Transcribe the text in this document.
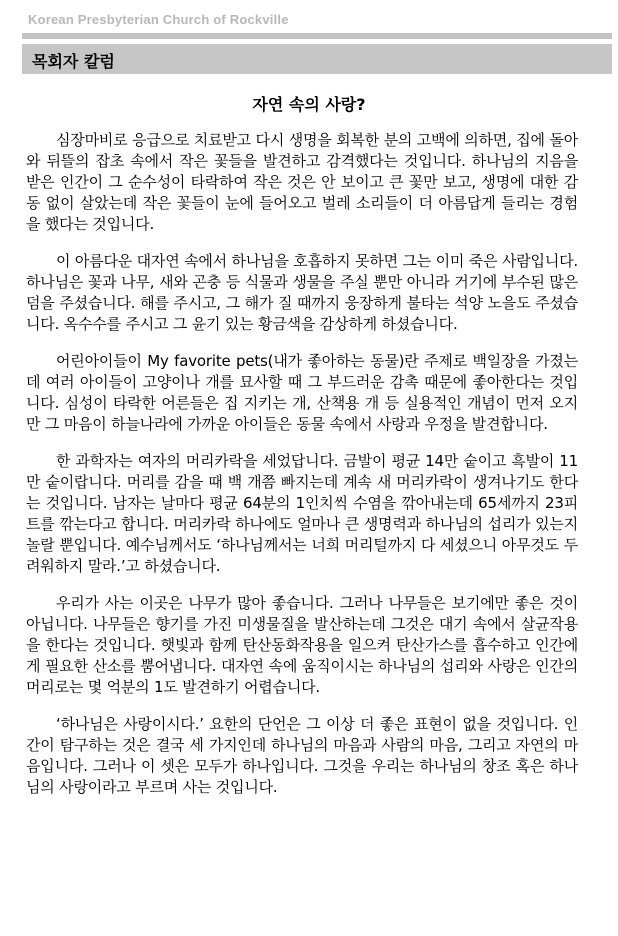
Korean Presbyterian Church of Rockville
목회자 칼럼
자연 속의 사랑?

심장마비로 응급으로 치료받고 다시 생명을 회복한 분의 고백에 의하면, 집에 돌아와 뒤뜰의 잡초 속에서 작은 꽃들을 발견하고 감격했다는 것입니다. 하나님의 지음을 받은 인간이 그 순수성이 타락하여 작은 것은 안 보이고 큰 꽃만 보고, 생명에 대한 감동 없이 살았는데 작은 꽃들이 눈에 들어오고 벌레 소리들이 더 아름답게 들리는 경험을 했다는 것입니다.

이 아름다운 대자연 속에서 하나님을 호흡하지 못하면 그는 이미 죽은 사람입니다. 하나님은 꽃과 나무, 새와 곤충 등 식물과 생물을 주실 뿐만 아니라 거기에 부수된 많은 덤을 주셨습니다. 해를 주시고, 그 해가 질 때까지 웅장하게 불타는 석양 노을도 주셨습니다. 옥수수를 주시고 그 윤기 있는 황금색을 감상하게 하셨습니다.

어린아이들이 My favorite pets(내가 좋아하는 동물)란 주제로 백일장을 가졌는데 여러 아이들이 고양이나 개를 묘사할 때 그 부드러운 감촉 때문에 좋아한다는 것입니다. 심성이 타락한 어른들은 집 지키는 개, 산책용 개 등 실용적인 개념이 먼저 오지만 그 마음이 하늘나라에 가까운 아이들은 동물 속에서 사랑과 우정을 발견합니다.

한 과학자는 여자의 머리카락을 세었답니다. 금발이 평균 14만 숱이고 흑발이 11만 숱이랍니다. 머리를 감을 때 백 개쯤 빠지는데 계속 새 머리카락이 생겨나기도 한다는 것입니다. 남자는 날마다 평균 64분의 1인치씩 수염을 깎아내는데 65세까지 23피트를 깎는다고 합니다. 머리카락 하나에도 얼마나 큰 생명력과 하나님의 섭리가 있는지 놀랄 뿐입니다. 예수님께서도 ‘하나님께서는 너희 머리털까지 다 세셨으니 아무것도 두려워하지 말라.’고 하셨습니다.

우리가 사는 이곳은 나무가 많아 좋습니다. 그러나 나무들은 보기에만 좋은 것이 아닙니다. 나무들은 향기를 가진 미생물질을 발산하는데 그것은 대기 속에서 살균작용을 한다는 것입니다. 햇빛과 함께 탄산동화작용을 일으켜 탄산가스를 흡수하고 인간에게 필요한 산소를 뿜어냅니다. 대자연 속에 움직이시는 하나님의 섭리와 사랑은 인간의 머리로는 몇 억분의 1도 발견하기 어렵습니다.

‘하나님은 사랑이시다.’ 요한의 단언은 그 이상 더 좋은 표현이 없을 것입니다. 인간이 탐구하는 것은 결국 세 가지인데 하나님의 마음과 사람의 마음, 그리고 자연의 마음입니다. 그러나 이 셋은 모두가 하나입니다. 그것을 우리는 하나님의 창조 혹은 하나님의 사랑이라고 부르며 사는 것입니다.
